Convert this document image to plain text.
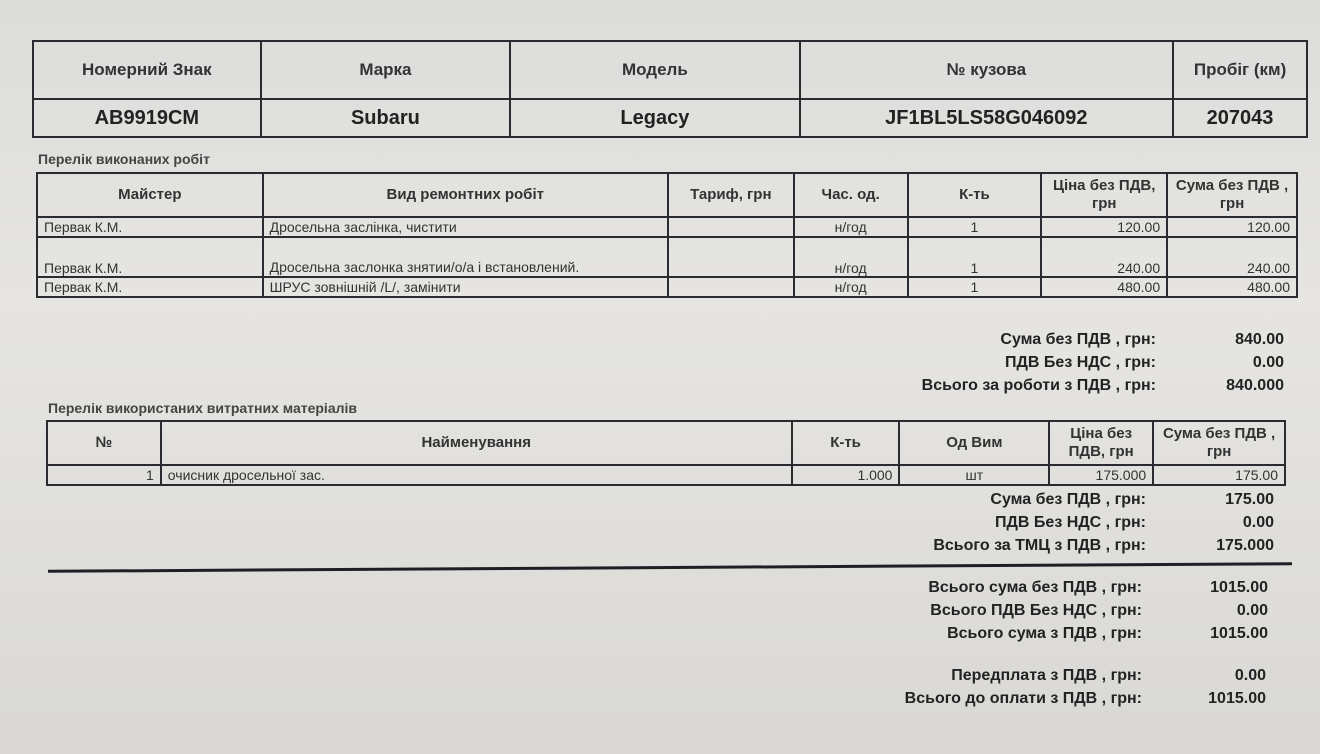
Номерний Знак	Марка	Модель	№ кузова	Пробіг (км)
AB9919CM	Subaru	Legacy	JF1BL5LS58G046092	207043
Перелік виконаних робіт
Майстер	Вид ремонтних робіт	Тариф, грн	Час. од.	К-ть	Ціна без ПДВ, грн	Сума без ПДВ , грн
Первак К.М.	Дросельна заслінка, чистити		н/год	1	120.00	120.00
Первак К.М.	Дросельна заслонка знятии/о/а і встановлений.		н/год	1	240.00	240.00
Первак К.М.	ШРУС зовнішній /L/, замінити		н/год	1	480.00	480.00
Сума без ПДВ , грн:	840.00
ПДВ Без НДС , грн:	0.00
Всього за роботи з ПДВ , грн:	840.000
Перелік використаних витратних матеріалів
№	Найменування	К-ть	Од Вим	Ціна без ПДВ, грн	Сума без ПДВ , грн
1	очисник дросельної зас.	1.000	шт	175.000	175.00
Сума без ПДВ , грн:	175.00
ПДВ Без НДС , грн:	0.00
Всього за ТМЦ з ПДВ , грн:	175.000
Всього сума без ПДВ , грн:	1015.00
Всього ПДВ Без НДС , грн:	0.00
Всього сума з ПДВ , грн:	1015.00
Передплата з ПДВ , грн:	0.00
Всього до оплати з ПДВ , грн:	1015.00
